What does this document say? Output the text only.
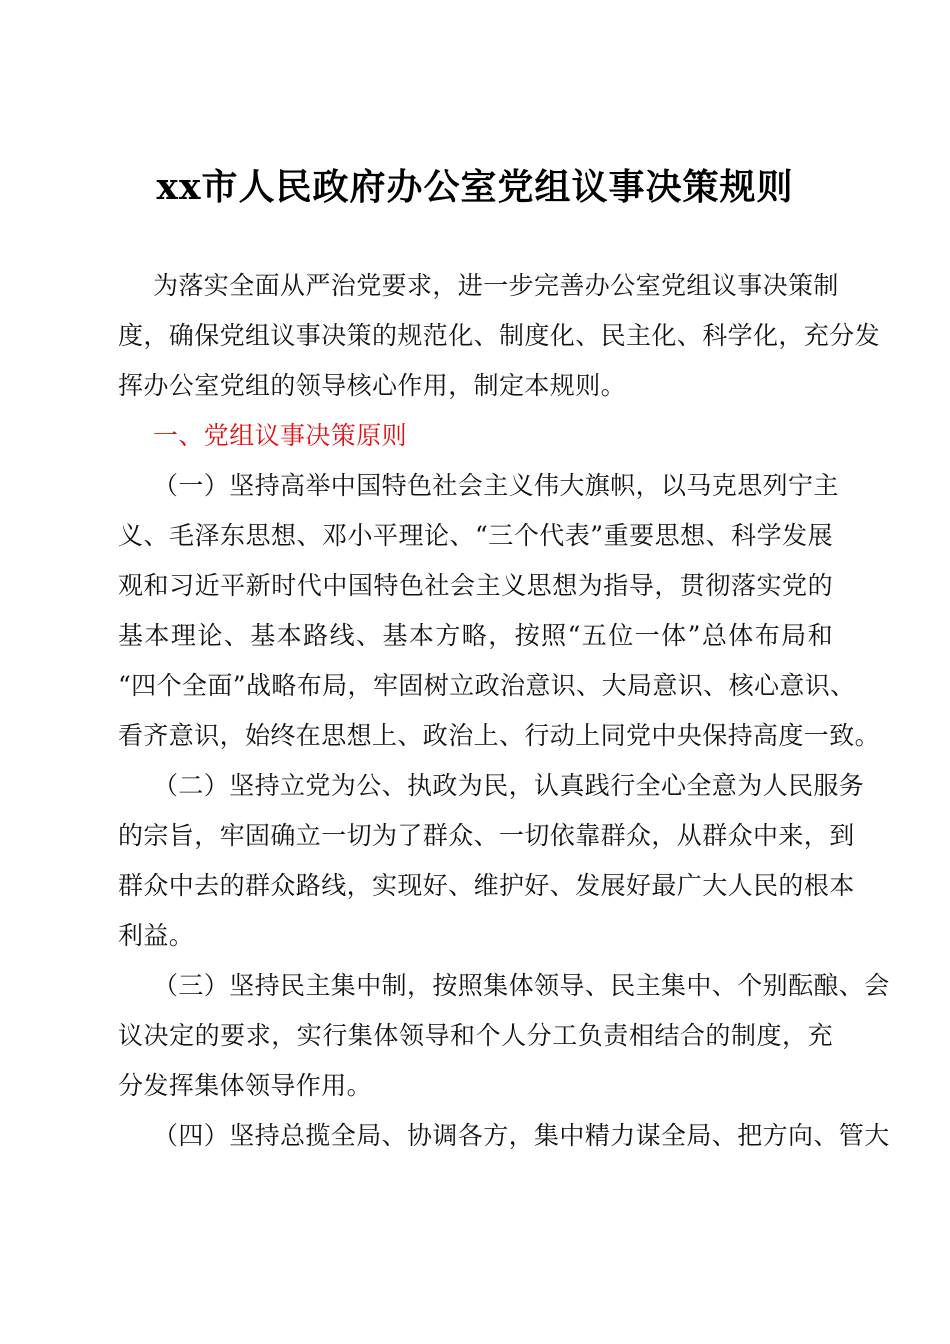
xx市人民政府办公室党组议事决策规则
为落实全面从严治党要求，进一步完善办公室党组议事决策制
度，确保党组议事决策的规范化、制度化、民主化、科学化，充分发
挥办公室党组的领导核心作用，制定本规则。
一、党组议事决策原则
（一）坚持高举中国特色社会主义伟大旗帜，以马克思列宁主
义、毛泽东思想、邓小平理论、“三个代表”重要思想、科学发展
观和习近平新时代中国特色社会主义思想为指导，贯彻落实党的
基本理论、基本路线、基本方略，按照“五位一体”总体布局和
“四个全面”战略布局，牢固树立政治意识、大局意识、核心意识、
看齐意识，始终在思想上、政治上、行动上同党中央保持高度一致。
（二）坚持立党为公、执政为民，认真践行全心全意为人民服务
的宗旨，牢固确立一切为了群众、一切依靠群众，从群众中来，到
群众中去的群众路线，实现好、维护好、发展好最广大人民的根本
利益。
（三）坚持民主集中制，按照集体领导、民主集中、个别酝酿、会
议决定的要求，实行集体领导和个人分工负责相结合的制度，充
分发挥集体领导作用。
（四）坚持总揽全局、协调各方，集中精力谋全局、把方向、管大
